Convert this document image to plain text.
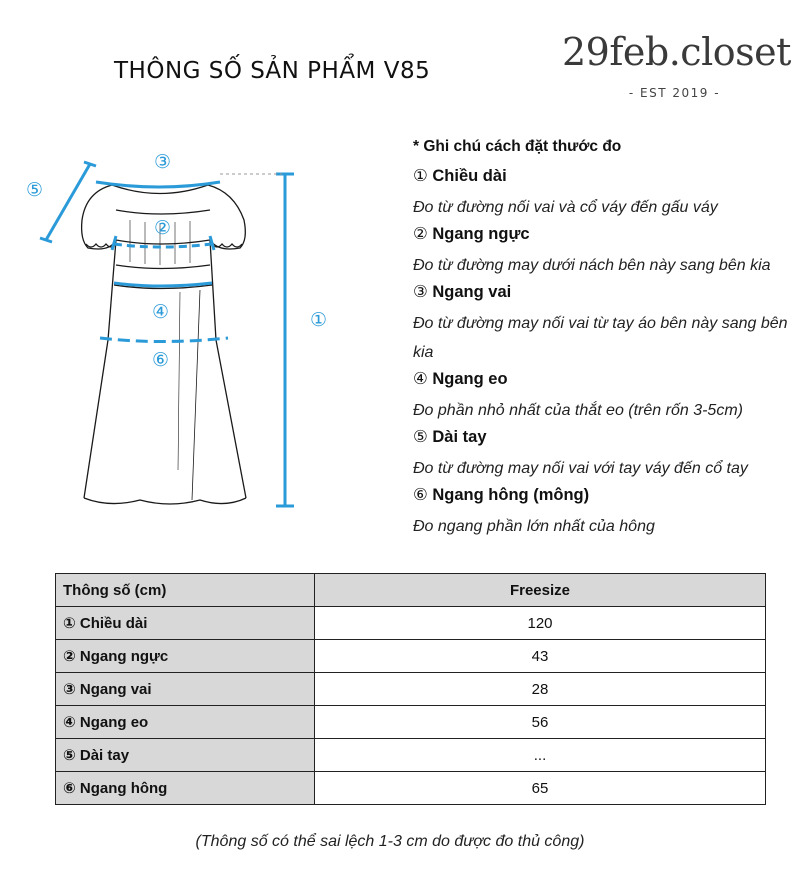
THÔNG SỐ SẢN PHẨM V85	29feb.closet
- EST 2019 -
⑤
③
②
④
⑥
①
* Ghi chú cách đặt thước đo
① Chiều dài
Đo từ đường nối vai và cổ váy đến gấu váy
② Ngang ngực
Đo từ đường may dưới nách bên này sang bên kia
③ Ngang vai
Đo từ đường may nối vai từ tay áo bên này sang bên kia
④ Ngang eo
Đo phần nhỏ nhất của thắt eo (trên rốn 3-5cm)
⑤ Dài tay
Đo từ đường may nối vai với tay váy đến cổ tay
⑥ Ngang hông (mông)
Đo ngang phần lớn nhất của hông
Thông số (cm)	Freesize
① Chiều dài	120
② Ngang ngực	43
③ Ngang vai	28
④ Ngang eo	56
⑤ Dài tay	...
⑥ Ngang hông	65
(Thông số có thể sai lệch 1-3 cm do được đo thủ công)
